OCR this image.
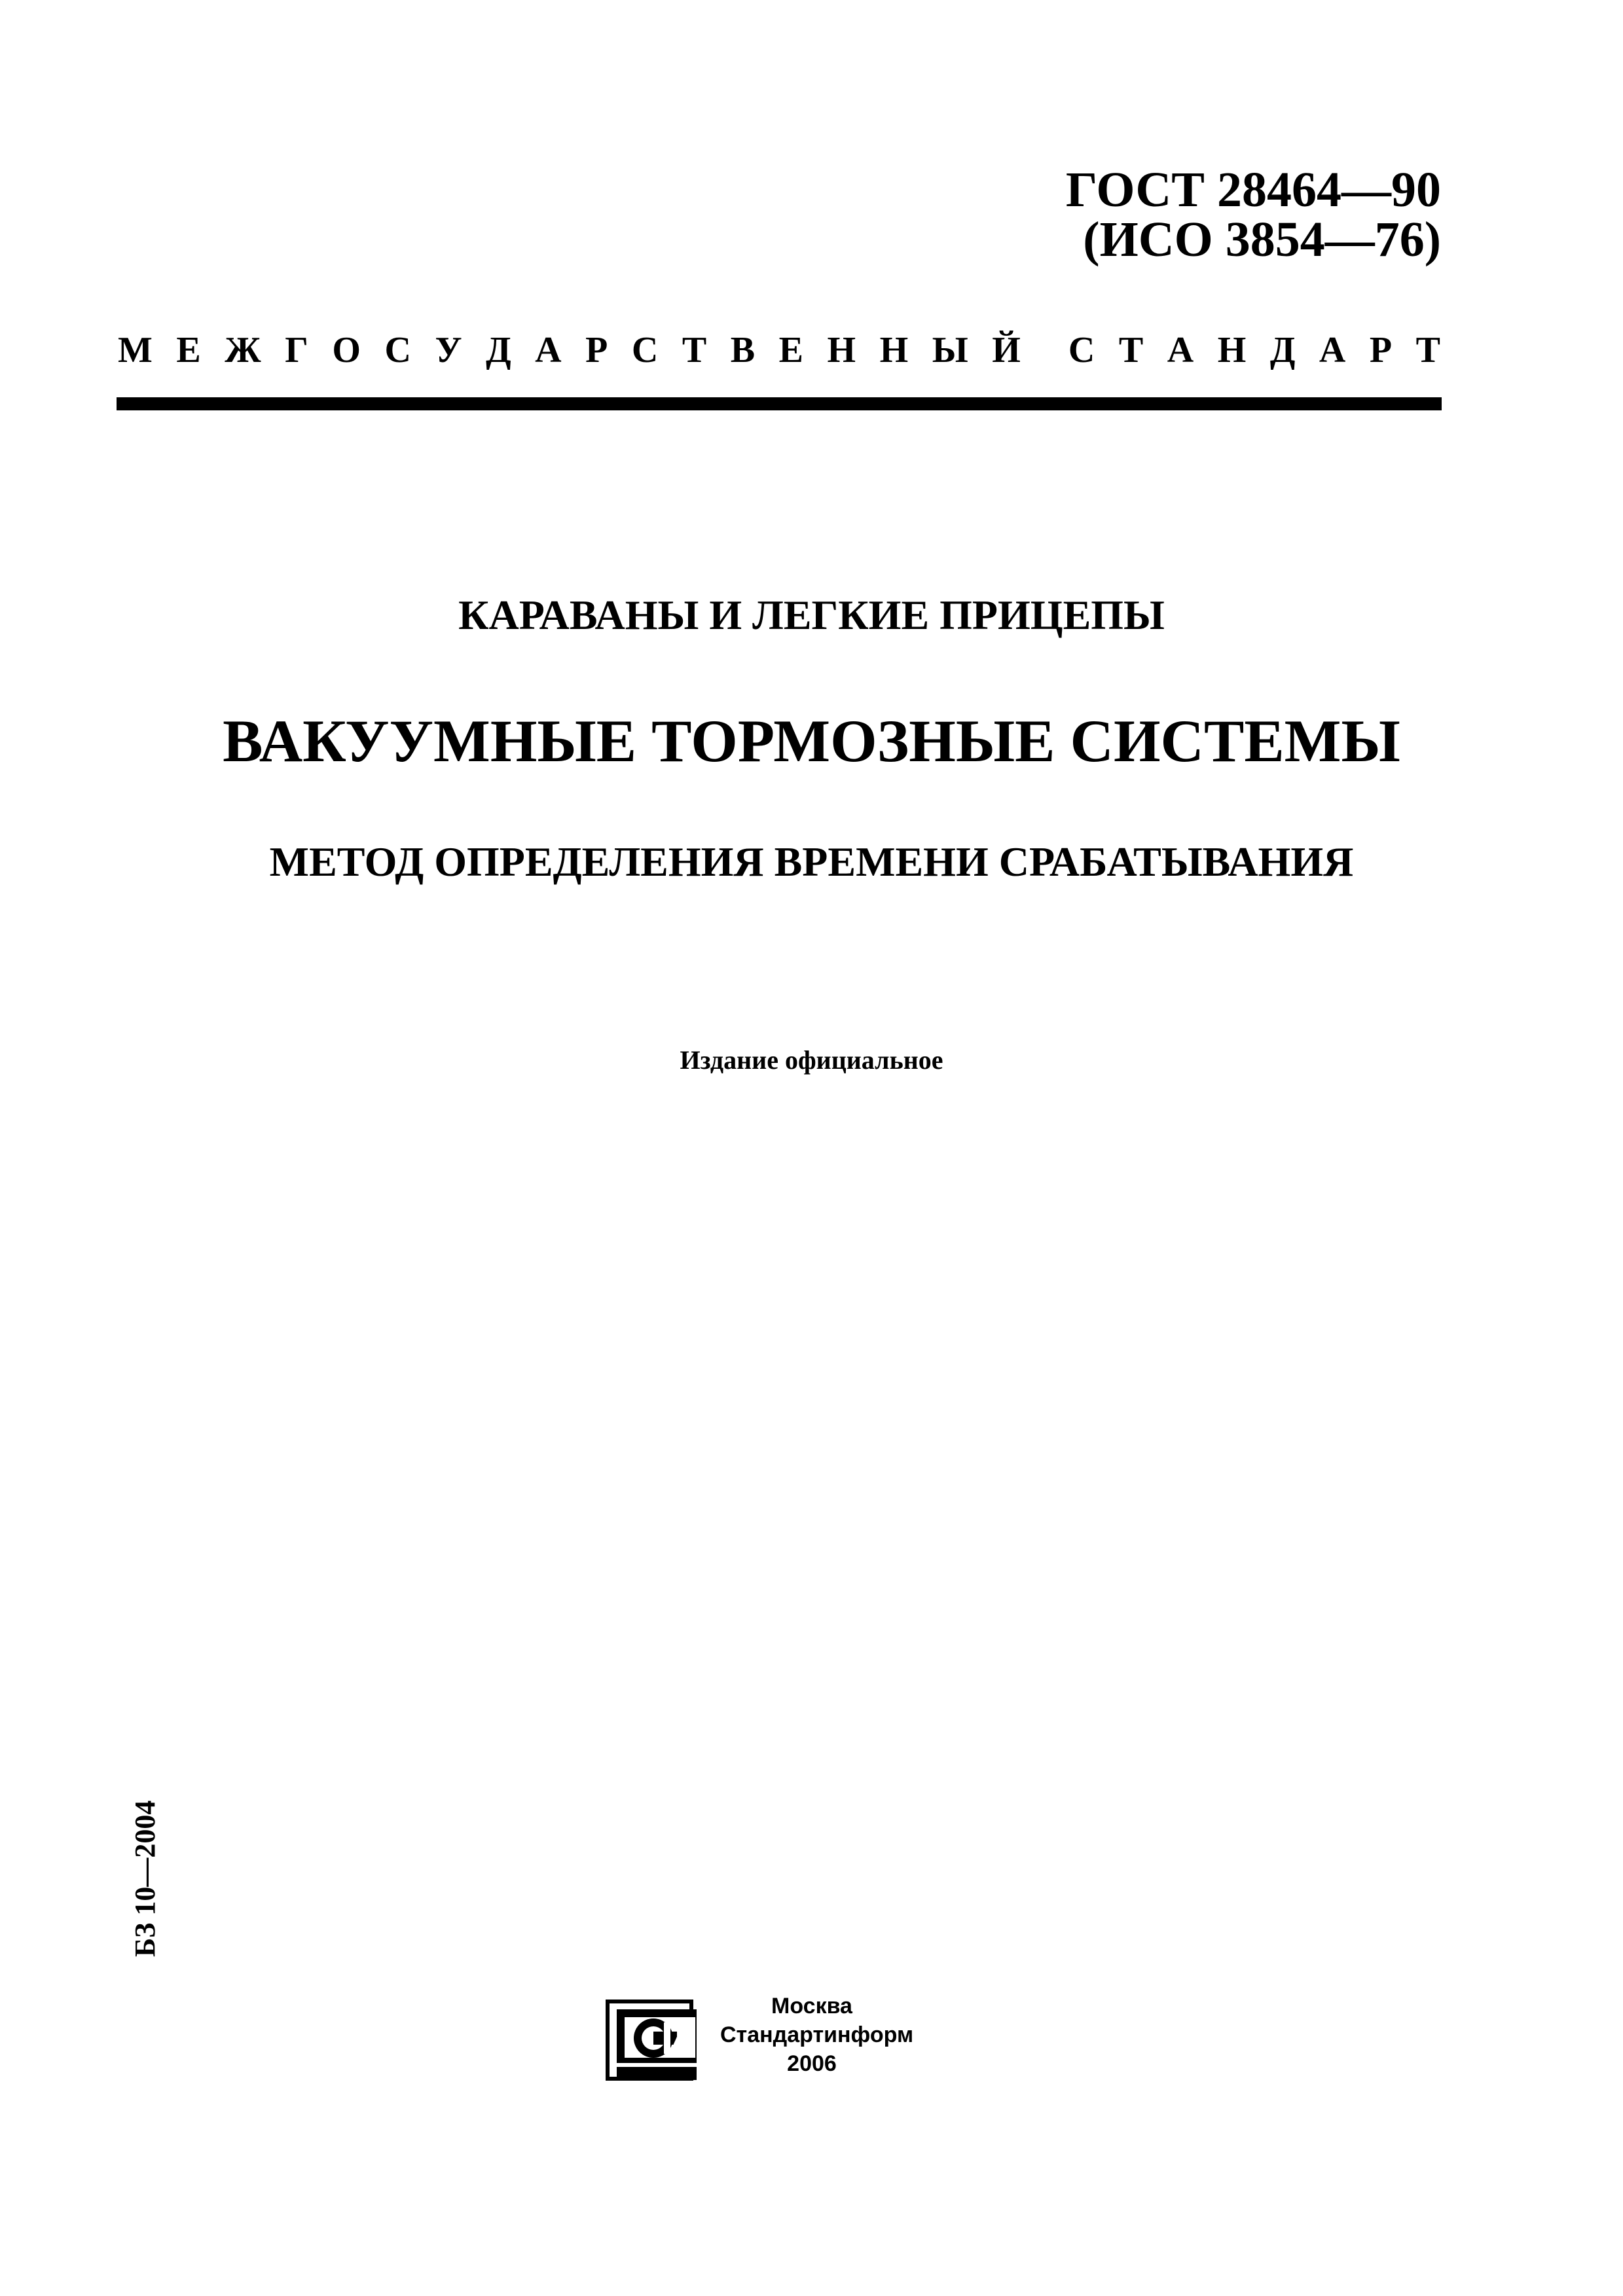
ГОСТ 28464—90
(ИСО 3854—76)
М Е Ж Г О С У Д А Р С Т В Е Н Н Ы Й С Т А Н Д А Р Т
КАРАВАНЫ И ЛЕГКИЕ ПРИЦЕПЫ
ВАКУУМНЫЕ ТОРМОЗНЫЕ СИСТЕМЫ
МЕТОД ОПРЕДЕЛЕНИЯ ВРЕМЕНИ СРАБАТЫВАНИЯ
Издание официальное
БЗ 10—2004
Москва
Стандартинформ
2006
